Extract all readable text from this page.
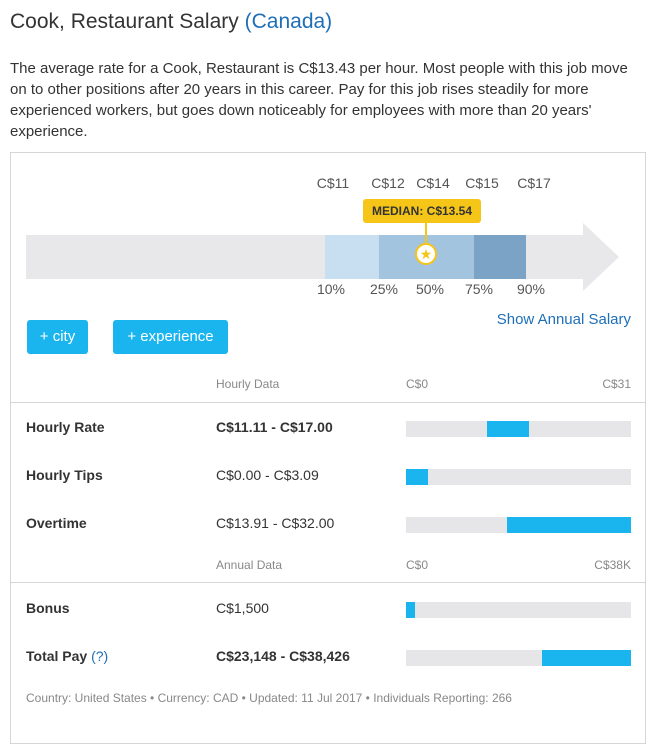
Cook, Restaurant Salary (Canada)

The average rate for a Cook, Restaurant is C$13.43 per hour. Most people with this job move on to other positions after 20 years in this career. Pay for this job rises steadily for more experienced workers, but goes down noticeably for employees with more than 20 years' experience.

C$11 C$12 C$14 C$15 C$17
MEDIAN: C$13.54
★
10% 25% 50% 75% 90%
+ city	+ experience
Show Annual Salary
Hourly Data	C$0	C$31
Hourly Rate	C$11.11 - C$17.00
Hourly Tips	C$0.00 - C$3.09
Overtime	C$13.91 - C$32.00
Annual Data	C$0	C$38K
Bonus	C$1,500
Total Pay (?)	C$23,148 - C$38,426
Country: United States • Currency: CAD • Updated: 11 Jul 2017 • Individuals Reporting: 266
